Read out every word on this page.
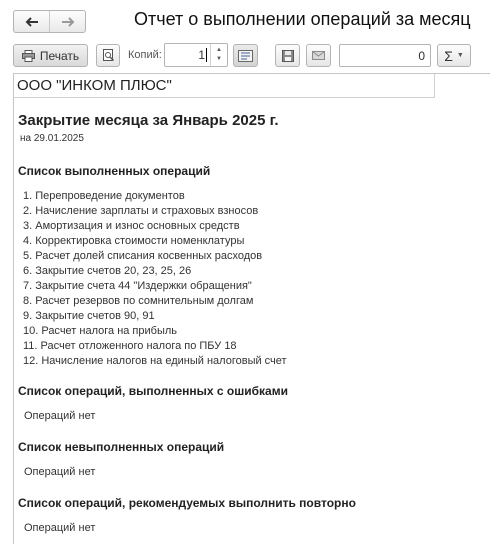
Отчет о выполнении операций за месяц
Печать	Копий:	1	▲
▼	0	Σ ▼
ООО "ИНКОМ ПЛЮС"
Закрытие месяца за Январь 2025 г.
на 29.01.2025
Список выполненных операций
1. Перепроведение документов
2. Начисление зарплаты и страховых взносов
3. Амортизация и износ основных средств
4. Корректировка стоимости номенклатуры
5. Расчет долей списания косвенных расходов
6. Закрытие счетов 20, 23, 25, 26
7. Закрытие счета 44 "Издержки обращения"
8. Расчет резервов по сомнительным долгам
9. Закрытие счетов 90, 91
10. Расчет налога на прибыль
11. Расчет отложенного налога по ПБУ 18
12. Начисление налогов на единый налоговый счет
Список операций, выполненных с ошибками
Операций нет
Список невыполненных операций
Операций нет
Список операций, рекомендуемых выполнить повторно
Операций нет
